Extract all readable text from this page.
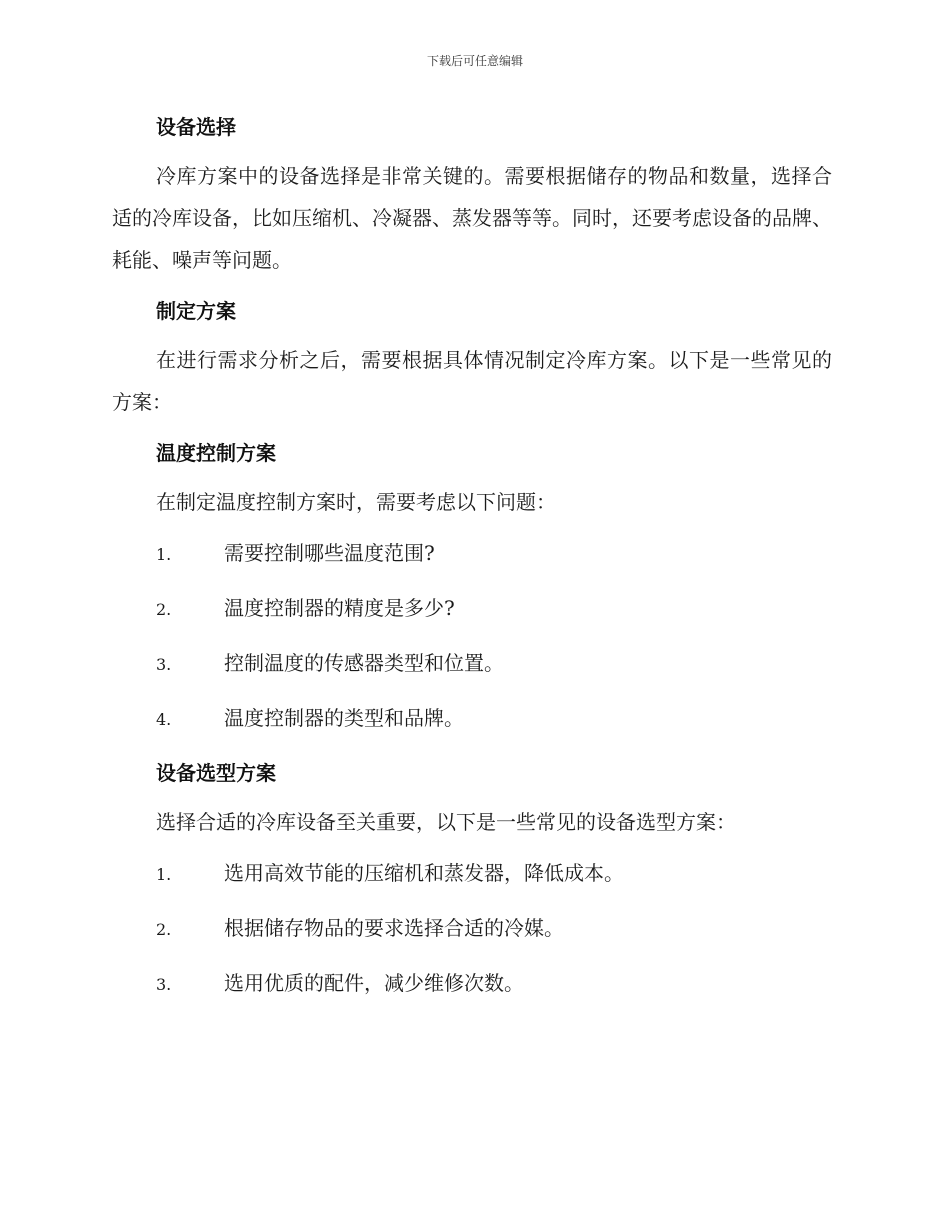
下载后可任意编辑
设备选择

冷库方案中的设备选择是非常关键的。需要根据储存的物品和数量，选择合适的冷库设备，比如压缩机、冷凝器、蒸发器等等。同时，还要考虑设备的品牌、耗能、噪声等问题。

制定方案

在进行需求分析之后，需要根据具体情况制定冷库方案。以下是一些常见的方案：

温度控制方案

在制定温度控制方案时，需要考虑以下问题：

1.	需要控制哪些温度范围?
2.	温度控制器的精度是多少?
3.	控制温度的传感器类型和位置。
4.	温度控制器的类型和品牌。
设备选型方案

选择合适的冷库设备至关重要，以下是一些常见的设备选型方案：

1.	选用高效节能的压缩机和蒸发器，降低成本。
2.	根据储存物品的要求选择合适的冷媒。
3.	选用优质的配件，减少维修次数。
